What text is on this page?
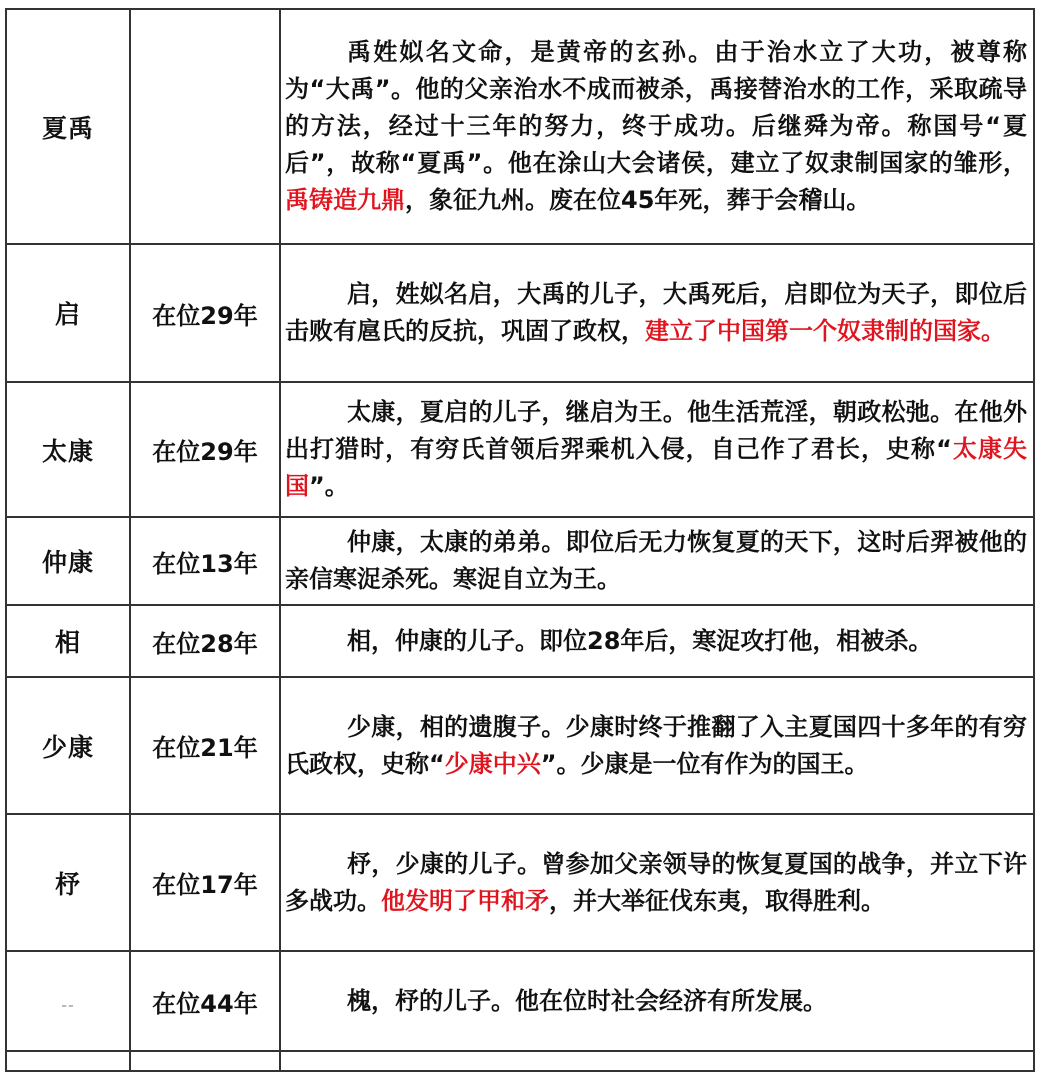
夏禹		禹姓姒名文命，是黄帝的玄孙。由于治水立了大功，被尊称为“大禹”。他的父亲治水不成而被杀，禹接替治水的工作，采取疏导的方法，经过十三年的努力，终于成功。后继舜为帝。称国号“夏后”，故称“夏禹”。他在涂山大会诸侯，建立了奴隶制国家的雏形，禹铸造九鼎，象征九州。废在位45年死，葬于会稽山。
启	在位29年	启，姓姒名启，大禹的儿子，大禹死后，启即位为天子，即位后击败有扈氏的反抗，巩固了政权，建立了中国第一个奴隶制的国家。
太康	在位29年	太康，夏启的儿子，继启为王。他生活荒淫，朝政松弛。在他外出打猎时，有穷氏首领后羿乘机入侵，自己作了君长，史称“太康失国”。
仲康	在位13年	仲康，太康的弟弟。即位后无力恢复夏的天下，这时后羿被他的亲信寒浞杀死。寒浞自立为王。
相	在位28年	相，仲康的儿子。即位28年后，寒浞攻打他，相被杀。
少康	在位21年	少康，相的遗腹子。少康时终于推翻了入主夏国四十多年的有穷氏政权，史称“少康中兴”。少康是一位有作为的国王。
杼	在位17年	杼，少康的儿子。曾参加父亲领导的恢复夏国的战争，并立下许多战功。他发明了甲和矛，并大举征伐东夷，取得胜利。
--	在位44年	槐，杼的儿子。他在位时社会经济有所发展。
